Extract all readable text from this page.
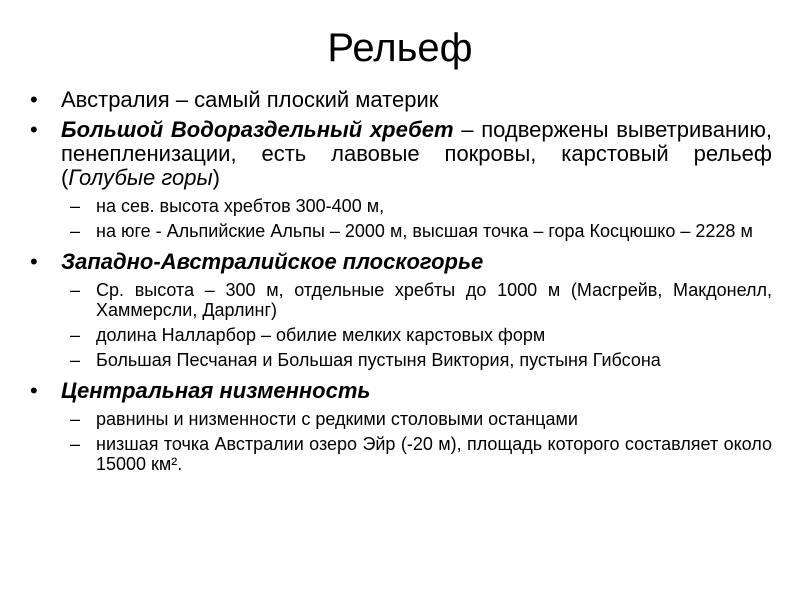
Рельеф
•	Австралия – самый плоский материк
•	Большой Водораздельный хребет – подвержены выветриванию, пенепленизации, есть лавовые покровы, карстовый рельеф (Голубые горы)
– на сев. высота хребтов 300-400 м,
– на юге - Альпийские Альпы – 2000 м, высшая точка – гора Косцюшко – 2228 м
•	Западно-Австралийское плоскогорье
– Ср. высота – 300 м, отдельные хребты до 1000 м (Масгрейв, Макдонелл, Хаммерсли, Дарлинг)
– долина Налларбор – обилие мелких карстовых форм
– Большая Песчаная и Большая пустыня Виктория, пустыня Гибсона
•	Центральная низменность
– равнины и низменности с редкими столовыми останцами
– низшая точка Австралии озеро Эйр (-20 м), площадь которого составляет около 15000 км².
